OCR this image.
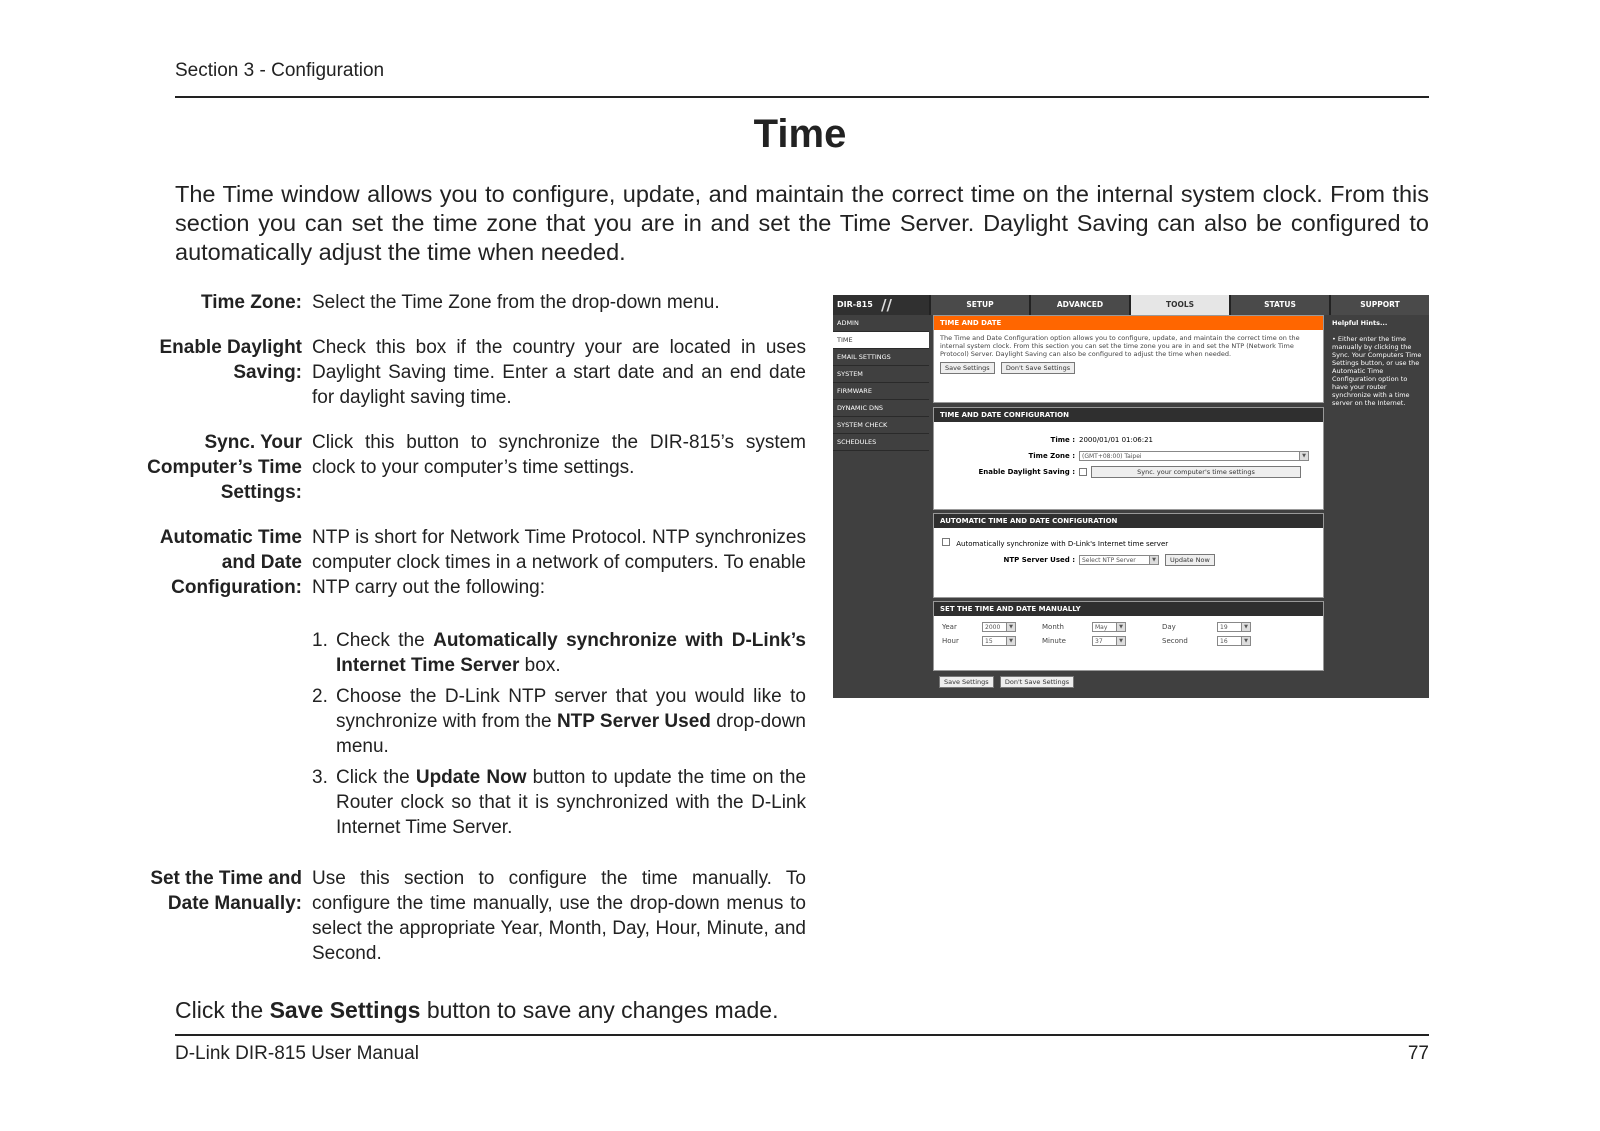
Section 3 - Configuration
Time

The Time window allows you to configure, update, and maintain the correct time on the internal system clock. From this section you can set the time zone that you are in and set the Time Server. Daylight Saving can also be configured to automatically adjust the time when needed.

Time Zone: Select the Time Zone from the drop-down menu.
Enable Daylight Saving:
Check this box if the country your are located in uses Daylight Saving time. Enter a start date and an end date for daylight saving time.
Sync. Your Computer’s Time Settings:
Click this button to synchronize the DIR-815’s system clock to your computer’s time settings.
Automatic Time and Date Configuration:
NTP is short for Network Time Protocol. NTP synchronizes computer clock times in a network of computers. To enable NTP carry out the following:
1. Check the Automatically synchronize with D-Link’s Internet Time Server box.
2. Choose the D-Link NTP server that you would like to synchronize with from the NTP Server Used drop-down menu.
3. Click the Update Now button to update the time on the Router clock so that it is synchronized with the D-Link Internet Time Server.
Set the Time and Date Manually:
Use this section to configure the time manually. To configure the time manually, use the drop-down menus to select the appropriate Year, Month, Day, Hour, Minute, and Second.
DIR-815 //	SETUP	ADVANCED	TOOLS	STATUS	SUPPORT
ADMIN
TIME
EMAIL SETTINGS
SYSTEM
FIRMWARE
DYNAMIC DNS
SYSTEM CHECK
SCHEDULES
TIME AND DATE
The Time and Date Configuration option allows you to configure, update, and maintain the correct time on the internal system clock. From this section you can set the time zone you are in and set the NTP (Network Time Protocol) Server. Daylight Saving can also be configured to adjust the time when needed.
Save Settings Don't Save Settings
TIME AND DATE CONFIGURATION
Time : 2000/01/01 01:06:21
Time Zone :	(GMT+08:00) Taipei	▼
Enable Daylight Saving :	Sync. your computer's time settings
AUTOMATIC TIME AND DATE CONFIGURATION
Automatically synchronize with D-Link's Internet time server
NTP Server Used :	Select NTP Server	▼	Update Now
SET THE TIME AND DATE MANUALLY
Year	2000	▼	Month	May	▼	Day	19	▼
Hour	15	▼	Minute	37	▼	Second	16	▼
Save Settings Don't Save Settings
Helpful Hints...
• Either enter the time manually by clicking the Sync. Your Computers Time Settings button, or use the Automatic Time Configuration option to have your router synchronize with a time server on the Internet.
Click the Save Settings button to save any changes made.
D-Link DIR-815 User Manual	77
